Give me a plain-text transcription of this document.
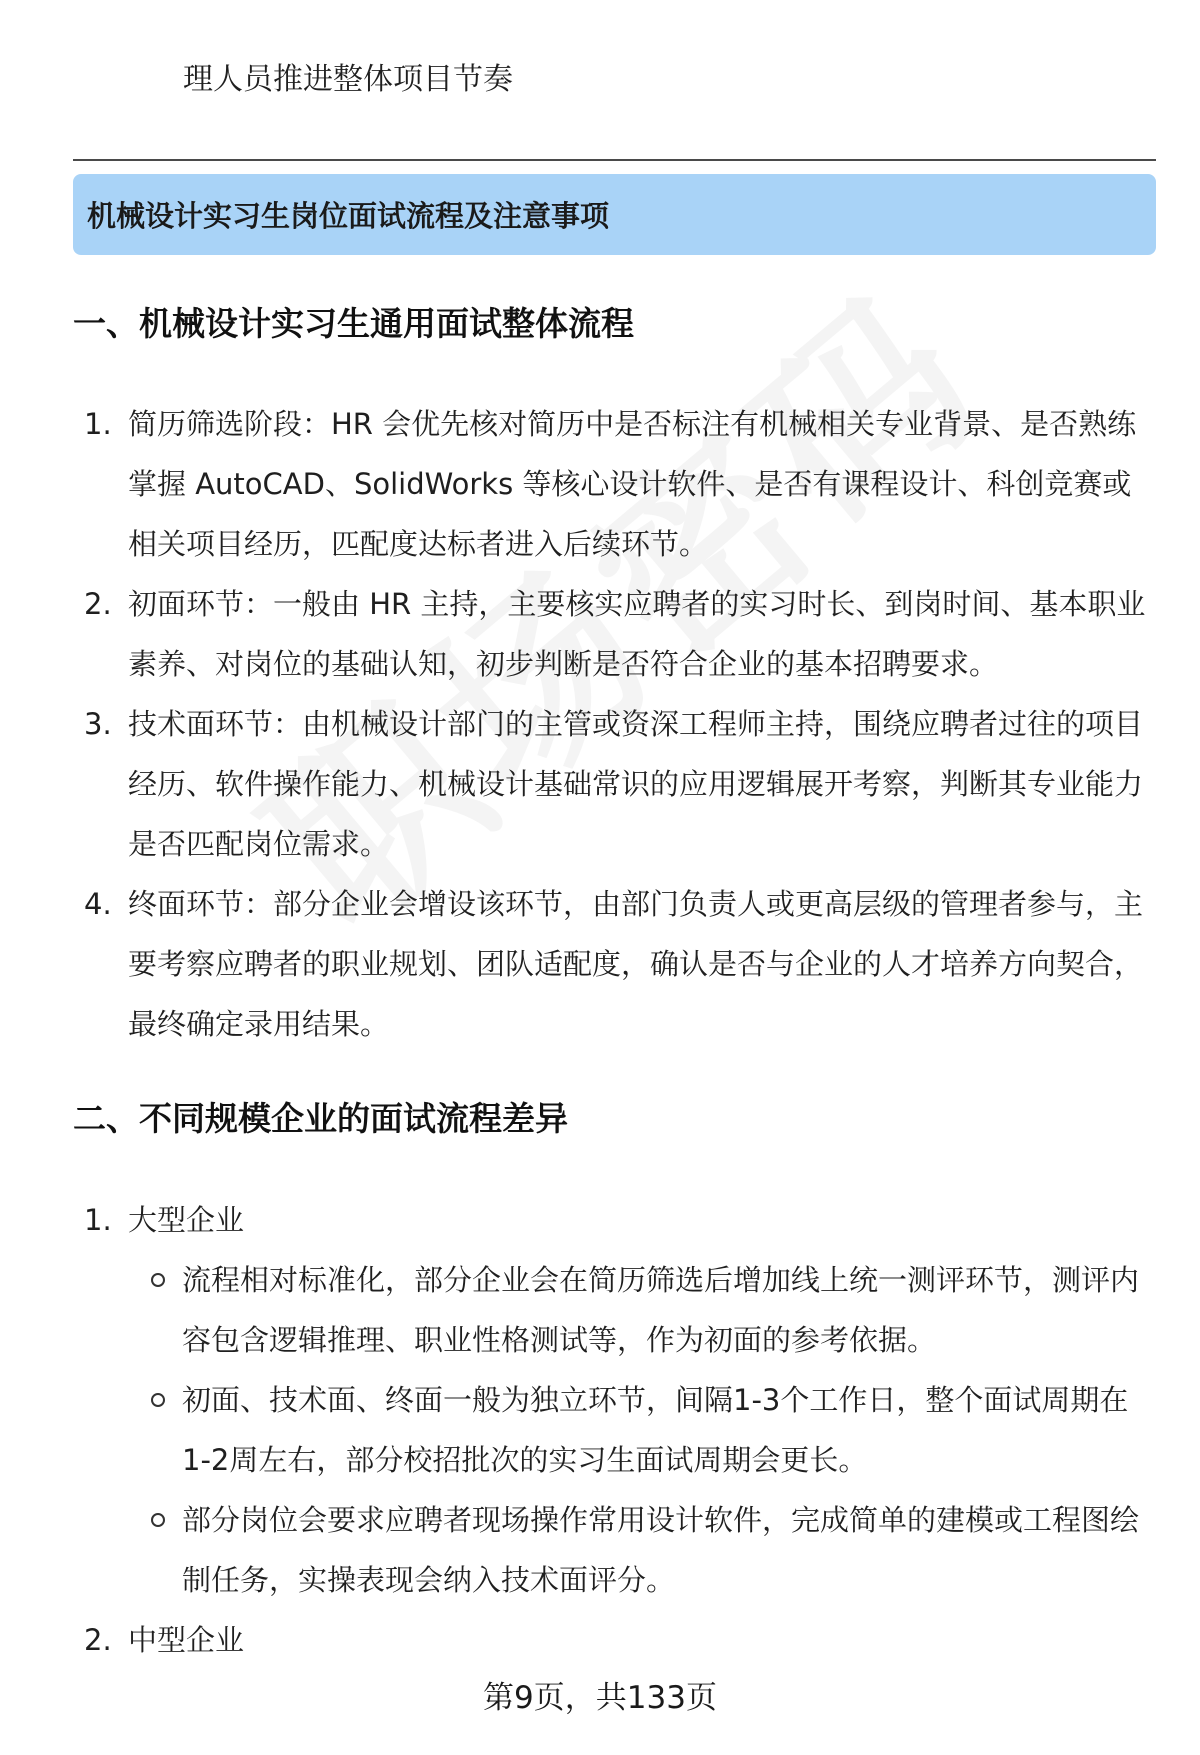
理人员推进整体项目节奏
机械设计实习生岗位面试流程及注意事项
一、机械设计实习生通用面试整体流程
1. 简历筛选阶段：HR 会优先核对简历中是否标注有机械相关专业背景、是否熟练掌握 AutoCAD、SolidWorks 等核心设计软件、是否有课程设计、科创竞赛或相关项目经历，匹配度达标者进入后续环节。
2. 初面环节：一般由 HR 主持，主要核实应聘者的实习时长、到岗时间、基本职业素养、对岗位的基础认知，初步判断是否符合企业的基本招聘要求。
3. 技术面环节：由机械设计部门的主管或资深工程师主持，围绕应聘者过往的项目经历、软件操作能力、机械设计基础常识的应用逻辑展开考察，判断其专业能力是否匹配岗位需求。
4. 终面环节：部分企业会增设该环节，由部门负责人或更高层级的管理者参与，主要考察应聘者的职业规划、团队适配度，确认是否与企业的人才培养方向契合，最终确定录用结果。
二、不同规模企业的面试流程差异
1. 大型企业
流程相对标准化，部分企业会在简历筛选后增加线上统一测评环节，测评内容包含逻辑推理、职业性格测试等，作为初面的参考依据。
初面、技术面、终面一般为独立环节，间隔1-3个工作日，整个面试周期在1-2周左右，部分校招批次的实习生面试周期会更长。
部分岗位会要求应聘者现场操作常用设计软件，完成简单的建模或工程图绘制任务，实操表现会纳入技术面评分。
2. 中型企业
第9页，共133页
